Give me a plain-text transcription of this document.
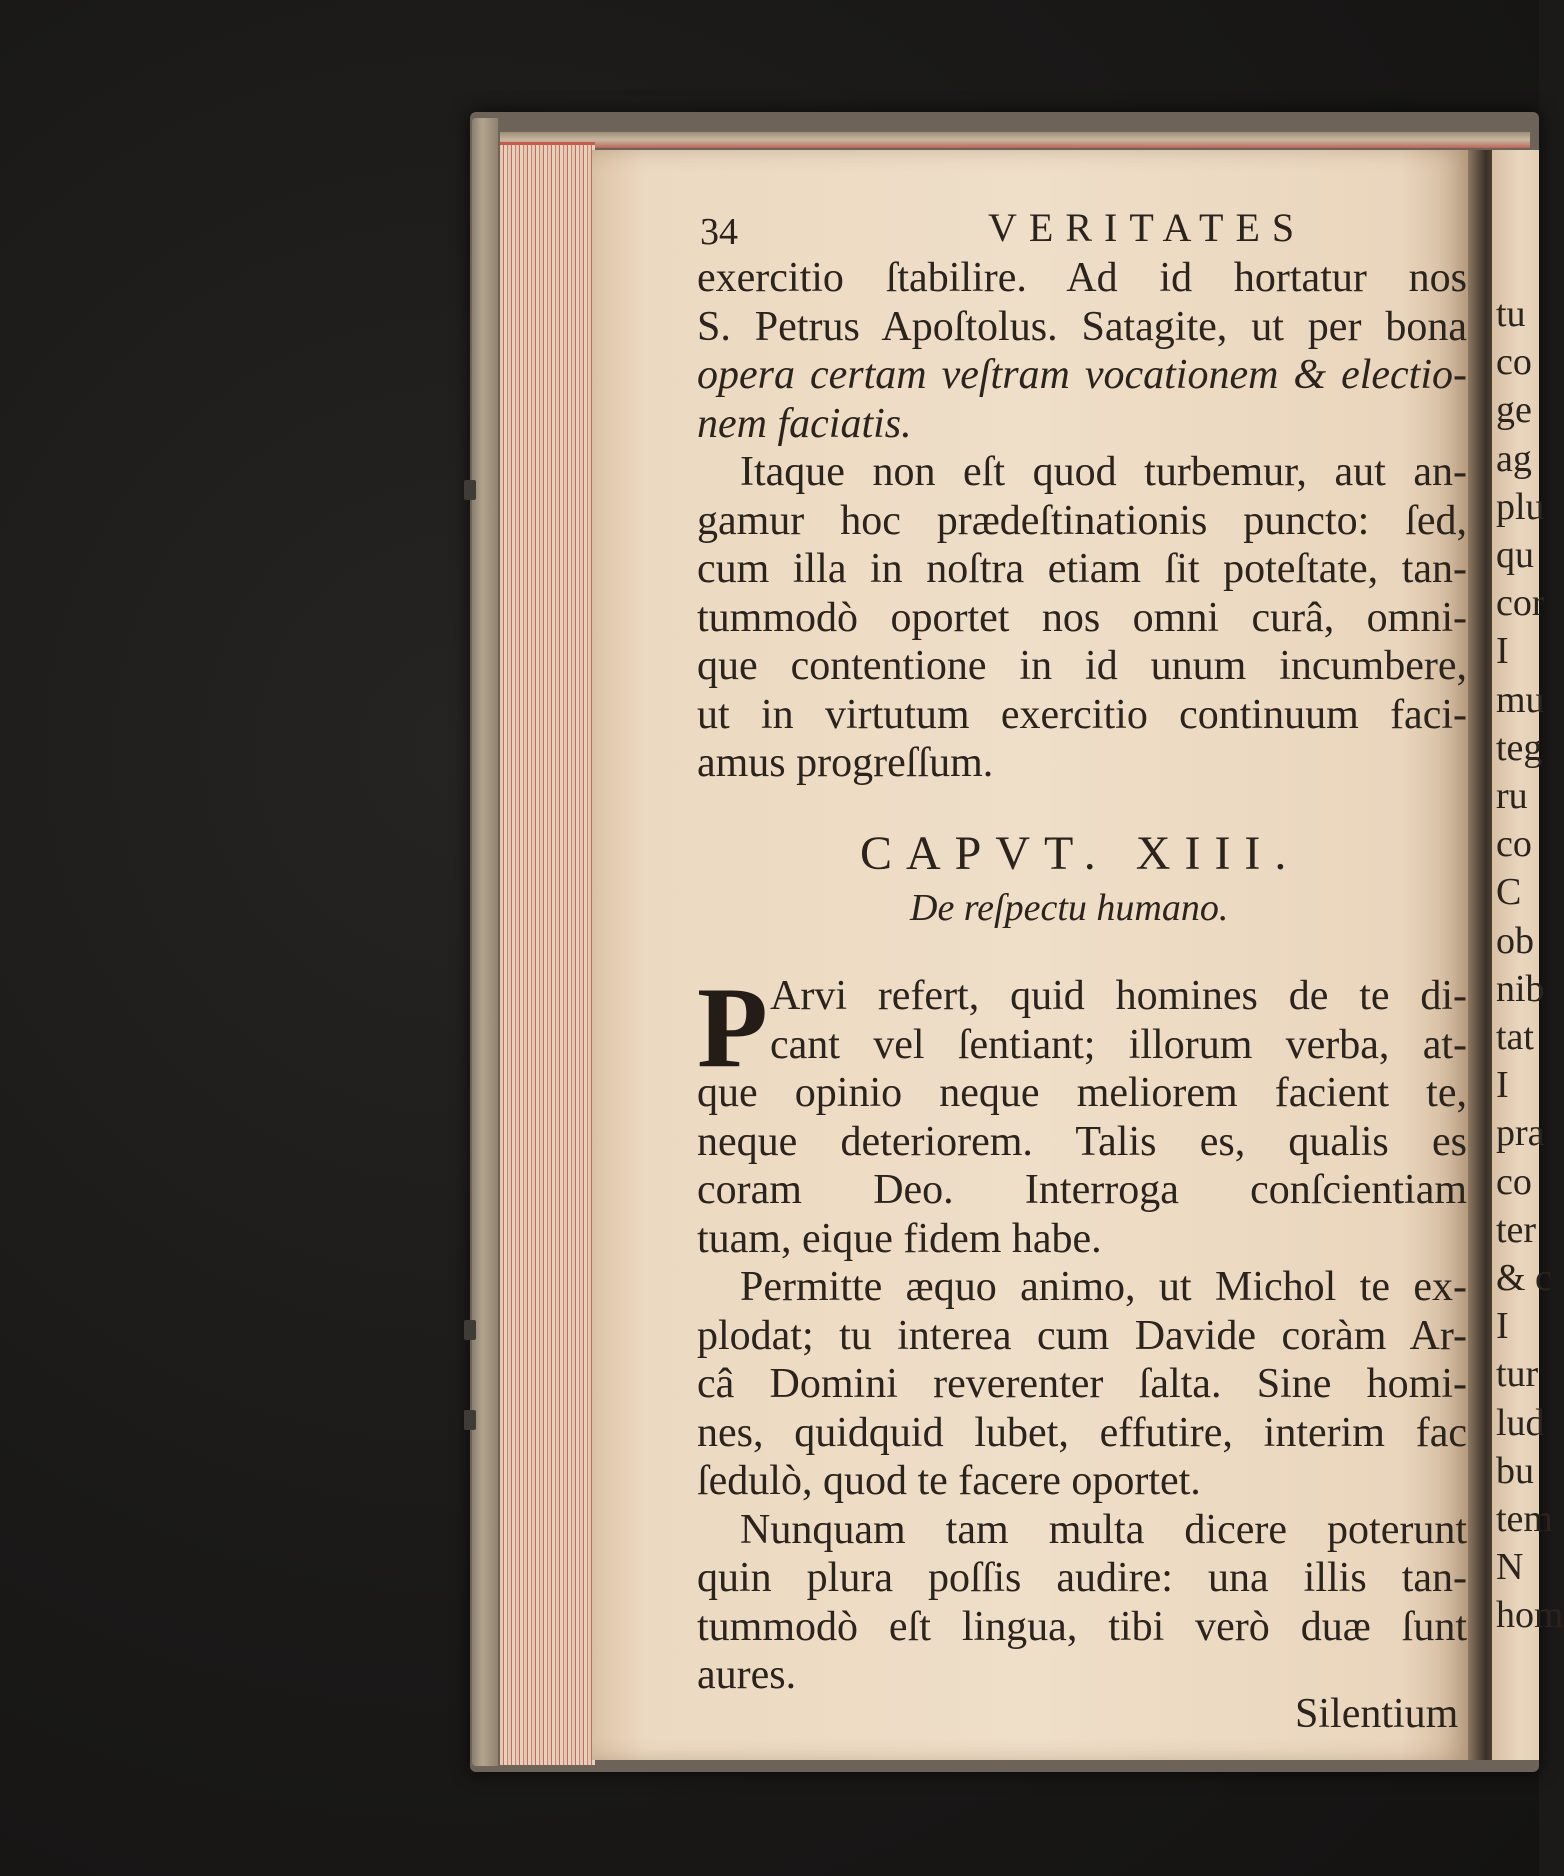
34	VERITATES
exercitio ſtabilire. Ad id hortatur nos
S. Petrus Apoſtolus. Satagite, ut per bona
opera certam veſtram vocationem & electio-
nem faciatis.
Itaque non eſt quod turbemur, aut an-
gamur hoc prædeſtinationis puncto: ſed,
cum illa in noſtra etiam ſit poteſtate, tan-
tummodò oportet nos omni curâ, omni-
que contentione in id unum incumbere,
ut in virtutum exercitio continuum faci-
amus progreſſum.
CAPVT. XIII.
De reſpectu humano.
P Arvi refert, quid homines de te di-
cant vel ſentiant; illorum verba, at-
que opinio neque meliorem facient te,
neque deteriorem. Talis es, qualis es
coram Deo. Interroga conſcientiam
tuam, eique fidem habe.
Permitte æquo animo, ut Michol te ex-
plodat; tu interea cum Davide coràm Ar-
câ Domini reverenter ſalta. Sine homi-
nes, quidquid lubet, effutire, interim fac
ſedulò, quod te facere oportet.
Nunquam tam multa dicere poterunt
quin plura poſſis audire: una illis tan-
tummodò eſt lingua, tibi verò duæ ſunt
aures.
Silentium
tu
co
ge
ag
plu
qu
cor
I
mu
teg
ru
co
C
ob
nib
tat
I
pra
co
ter
& c
I
tur
lud
bu
tem
N
hom
